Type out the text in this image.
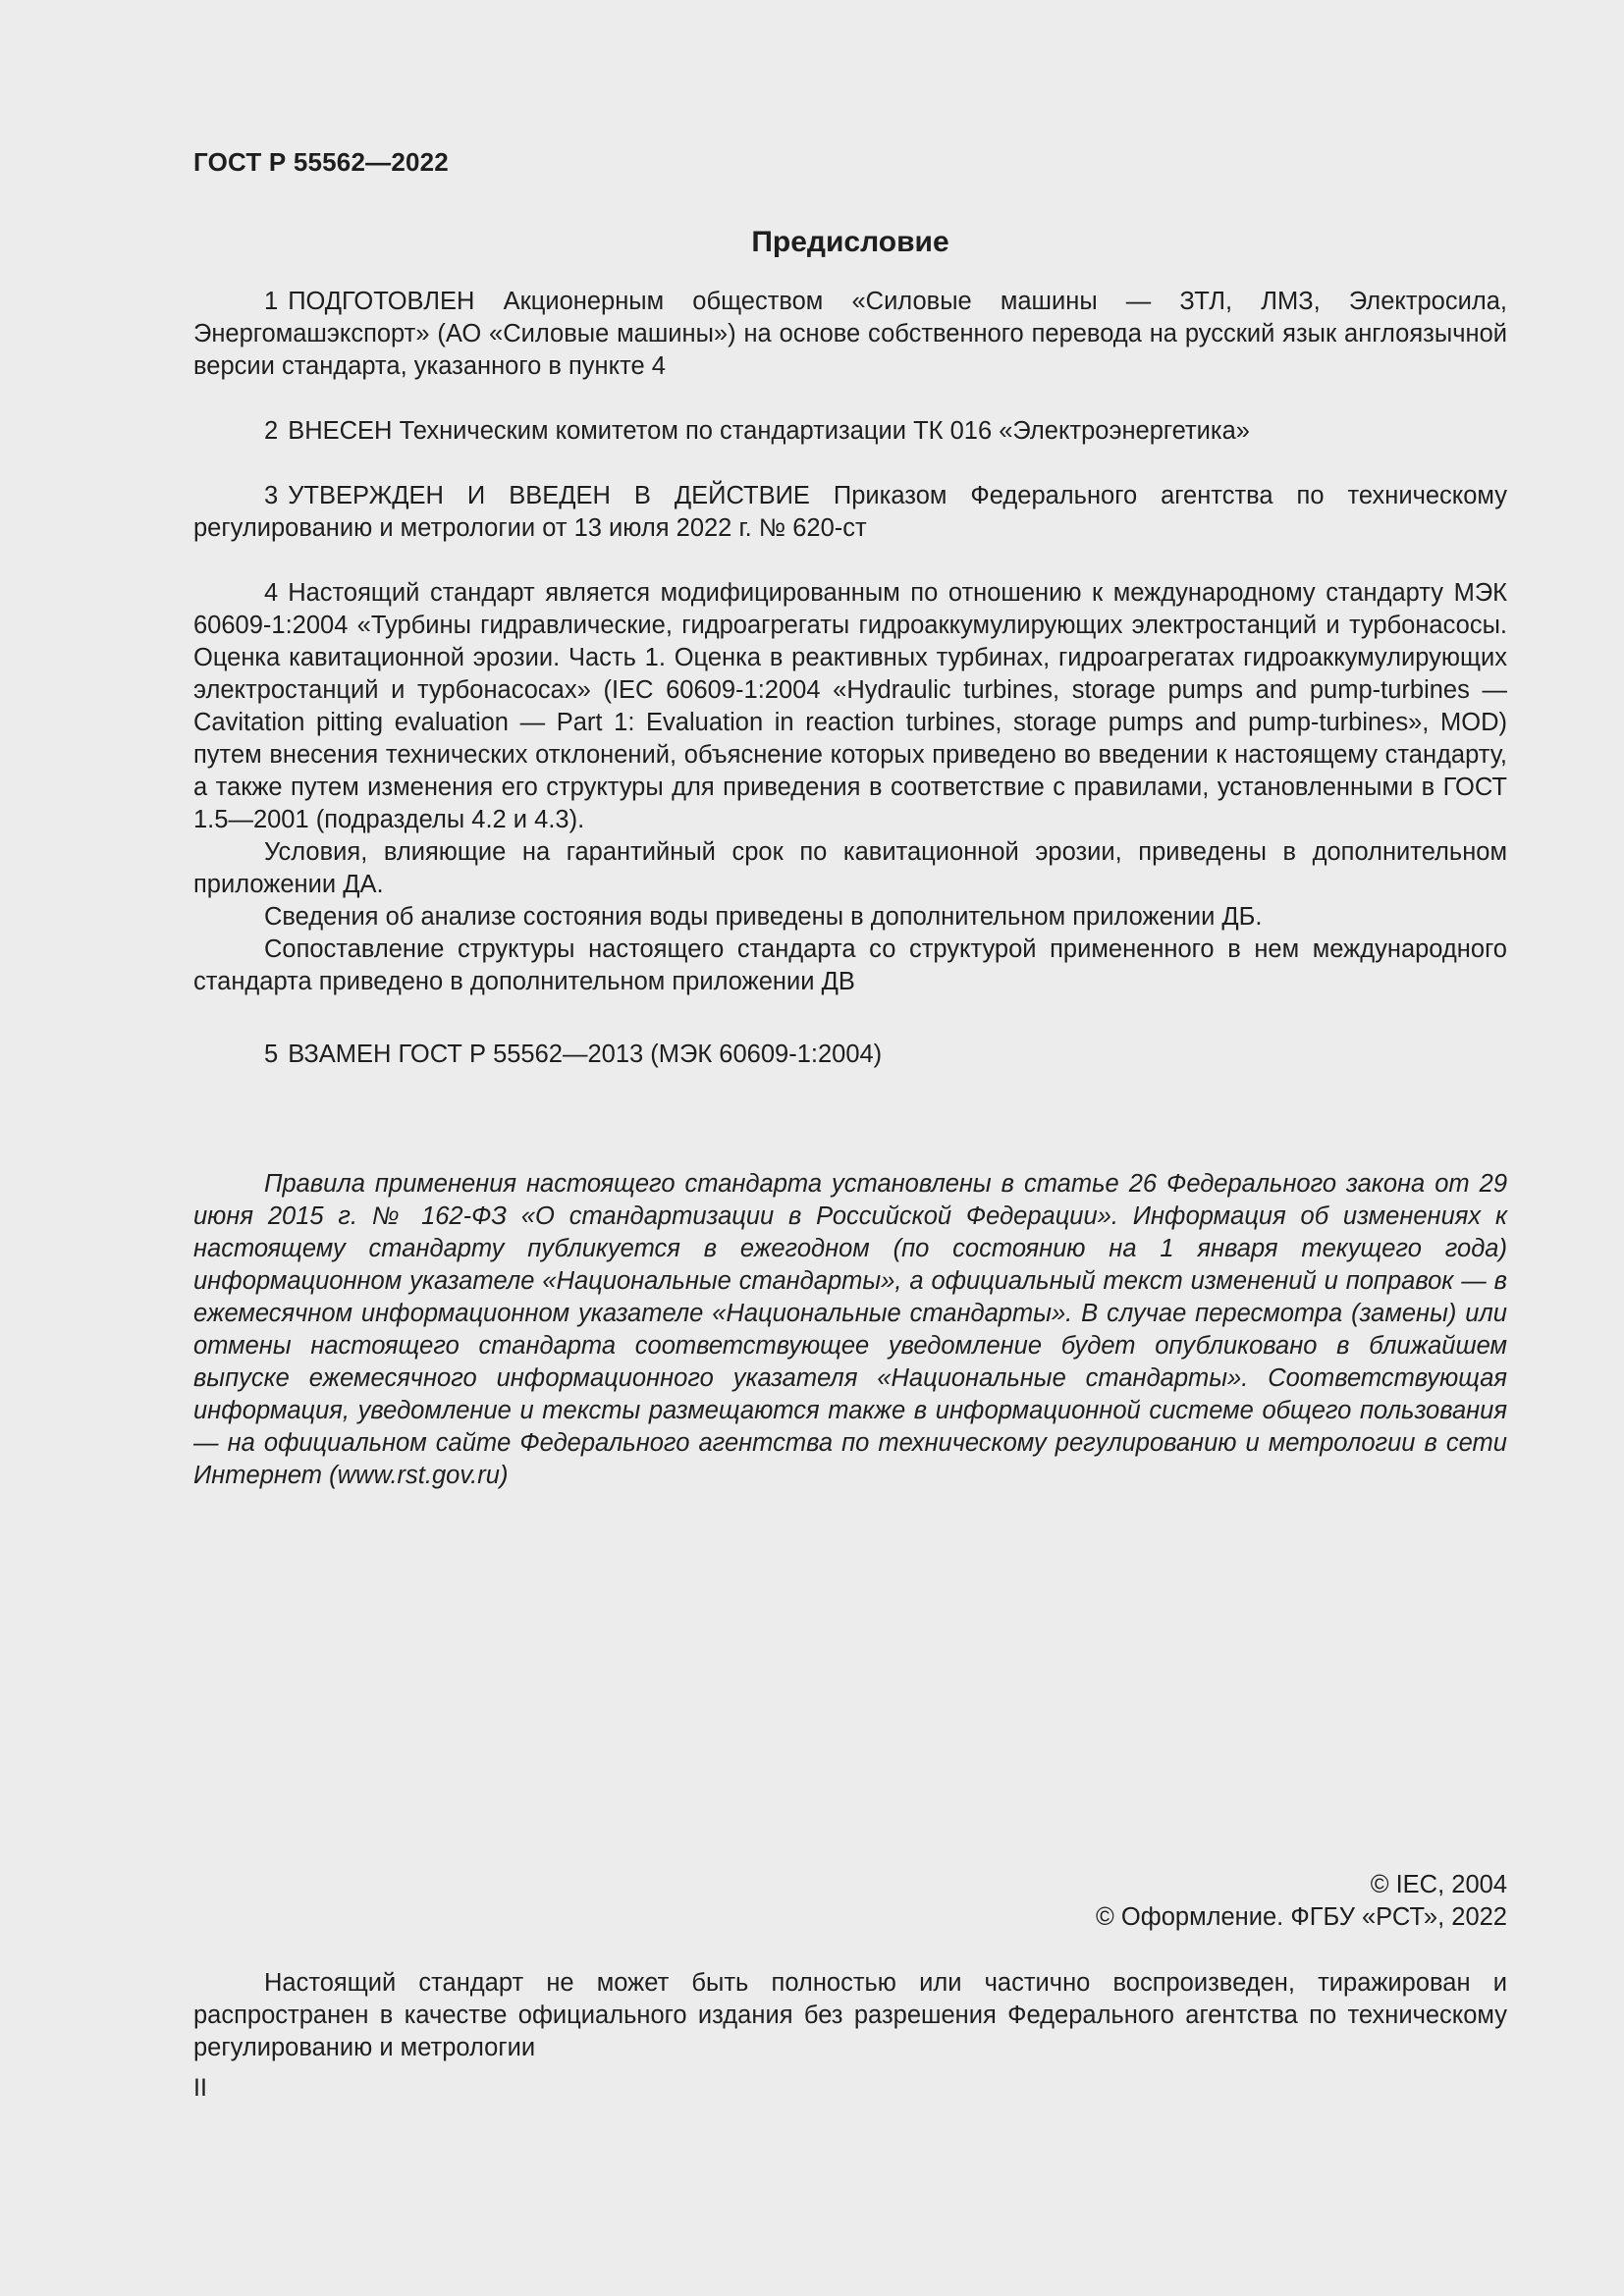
ГОСТ Р 55562—2022
Предисловие

1 ПОДГОТОВЛЕН Акционерным обществом «Силовые машины — ЗТЛ, ЛМЗ, Электросила, Энергомашэкспорт» (АО «Силовые машины») на основе собственного перевода на русский язык англоязычной версии стандарта, указанного в пункте 4

2 ВНЕСЕН Техническим комитетом по стандартизации ТК 016 «Электроэнергетика»

3 УТВЕРЖДЕН И ВВЕДЕН В ДЕЙСТВИЕ Приказом Федерального агентства по техническому регулированию и метрологии от 13 июля 2022 г. № 620-ст

4 Настоящий стандарт является модифицированным по отношению к международному стандарту МЭК 60609-1:2004 «Турбины гидравлические, гидроагрегаты гидроаккумулирующих электростанций и турбонасосы. Оценка кавитационной эрозии. Часть 1. Оценка в реактивных турбинах, гидроагрегатах гидроаккумулирующих электростанций и турбонасосах» (IEC 60609-1:2004 «Hydraulic turbines, storage pumps and pump-turbines — Cavitation pitting evaluation — Part 1: Evaluation in reaction turbines, storage pumps and pump-turbines», MOD) путем внесения технических отклонений, объяснение которых приведено во введении к настоящему стандарту, а также путем изменения его структуры для приведения в соответствие с правилами, установленными в ГОСТ 1.5—2001 (подразделы 4.2 и 4.3).

Условия, влияющие на гарантийный срок по кавитационной эрозии, приведены в дополнительном приложении ДА.

Сведения об анализе состояния воды приведены в дополнительном приложении ДБ.

Сопоставление структуры настоящего стандарта со структурой примененного в нем международного стандарта приведено в дополнительном приложении ДВ

5 ВЗАМЕН ГОСТ Р 55562—2013 (МЭК 60609-1:2004)

Правила применения настоящего стандарта установлены в статье 26 Федерального закона от 29 июня 2015 г. № 162-ФЗ «О стандартизации в Российской Федерации». Информация об изменениях к настоящему стандарту публикуется в ежегодном (по состоянию на 1 января текущего года) информационном указателе «Национальные стандарты», а официальный текст изменений и поправок — в ежемесячном информационном указателе «Национальные стандарты». В случае пересмотра (замены) или отмены настоящего стандарта соответствующее уведомление будет опубликовано в ближайшем выпуске ежемесячного информационного указателя «Национальные стандарты». Соответствующая информация, уведомление и тексты размещаются также в информационной системе общего пользования — на официальном сайте Федерального агентства по техническому регулированию и метрологии в сети Интернет (www.rst.gov.ru)

© IEC, 2004
© Оформление. ФГБУ «РСТ», 2022

Настоящий стандарт не может быть полностью или частично воспроизведен, тиражирован и распространен в качестве официального издания без разрешения Федерального агентства по техническому регулированию и метрологии

II
